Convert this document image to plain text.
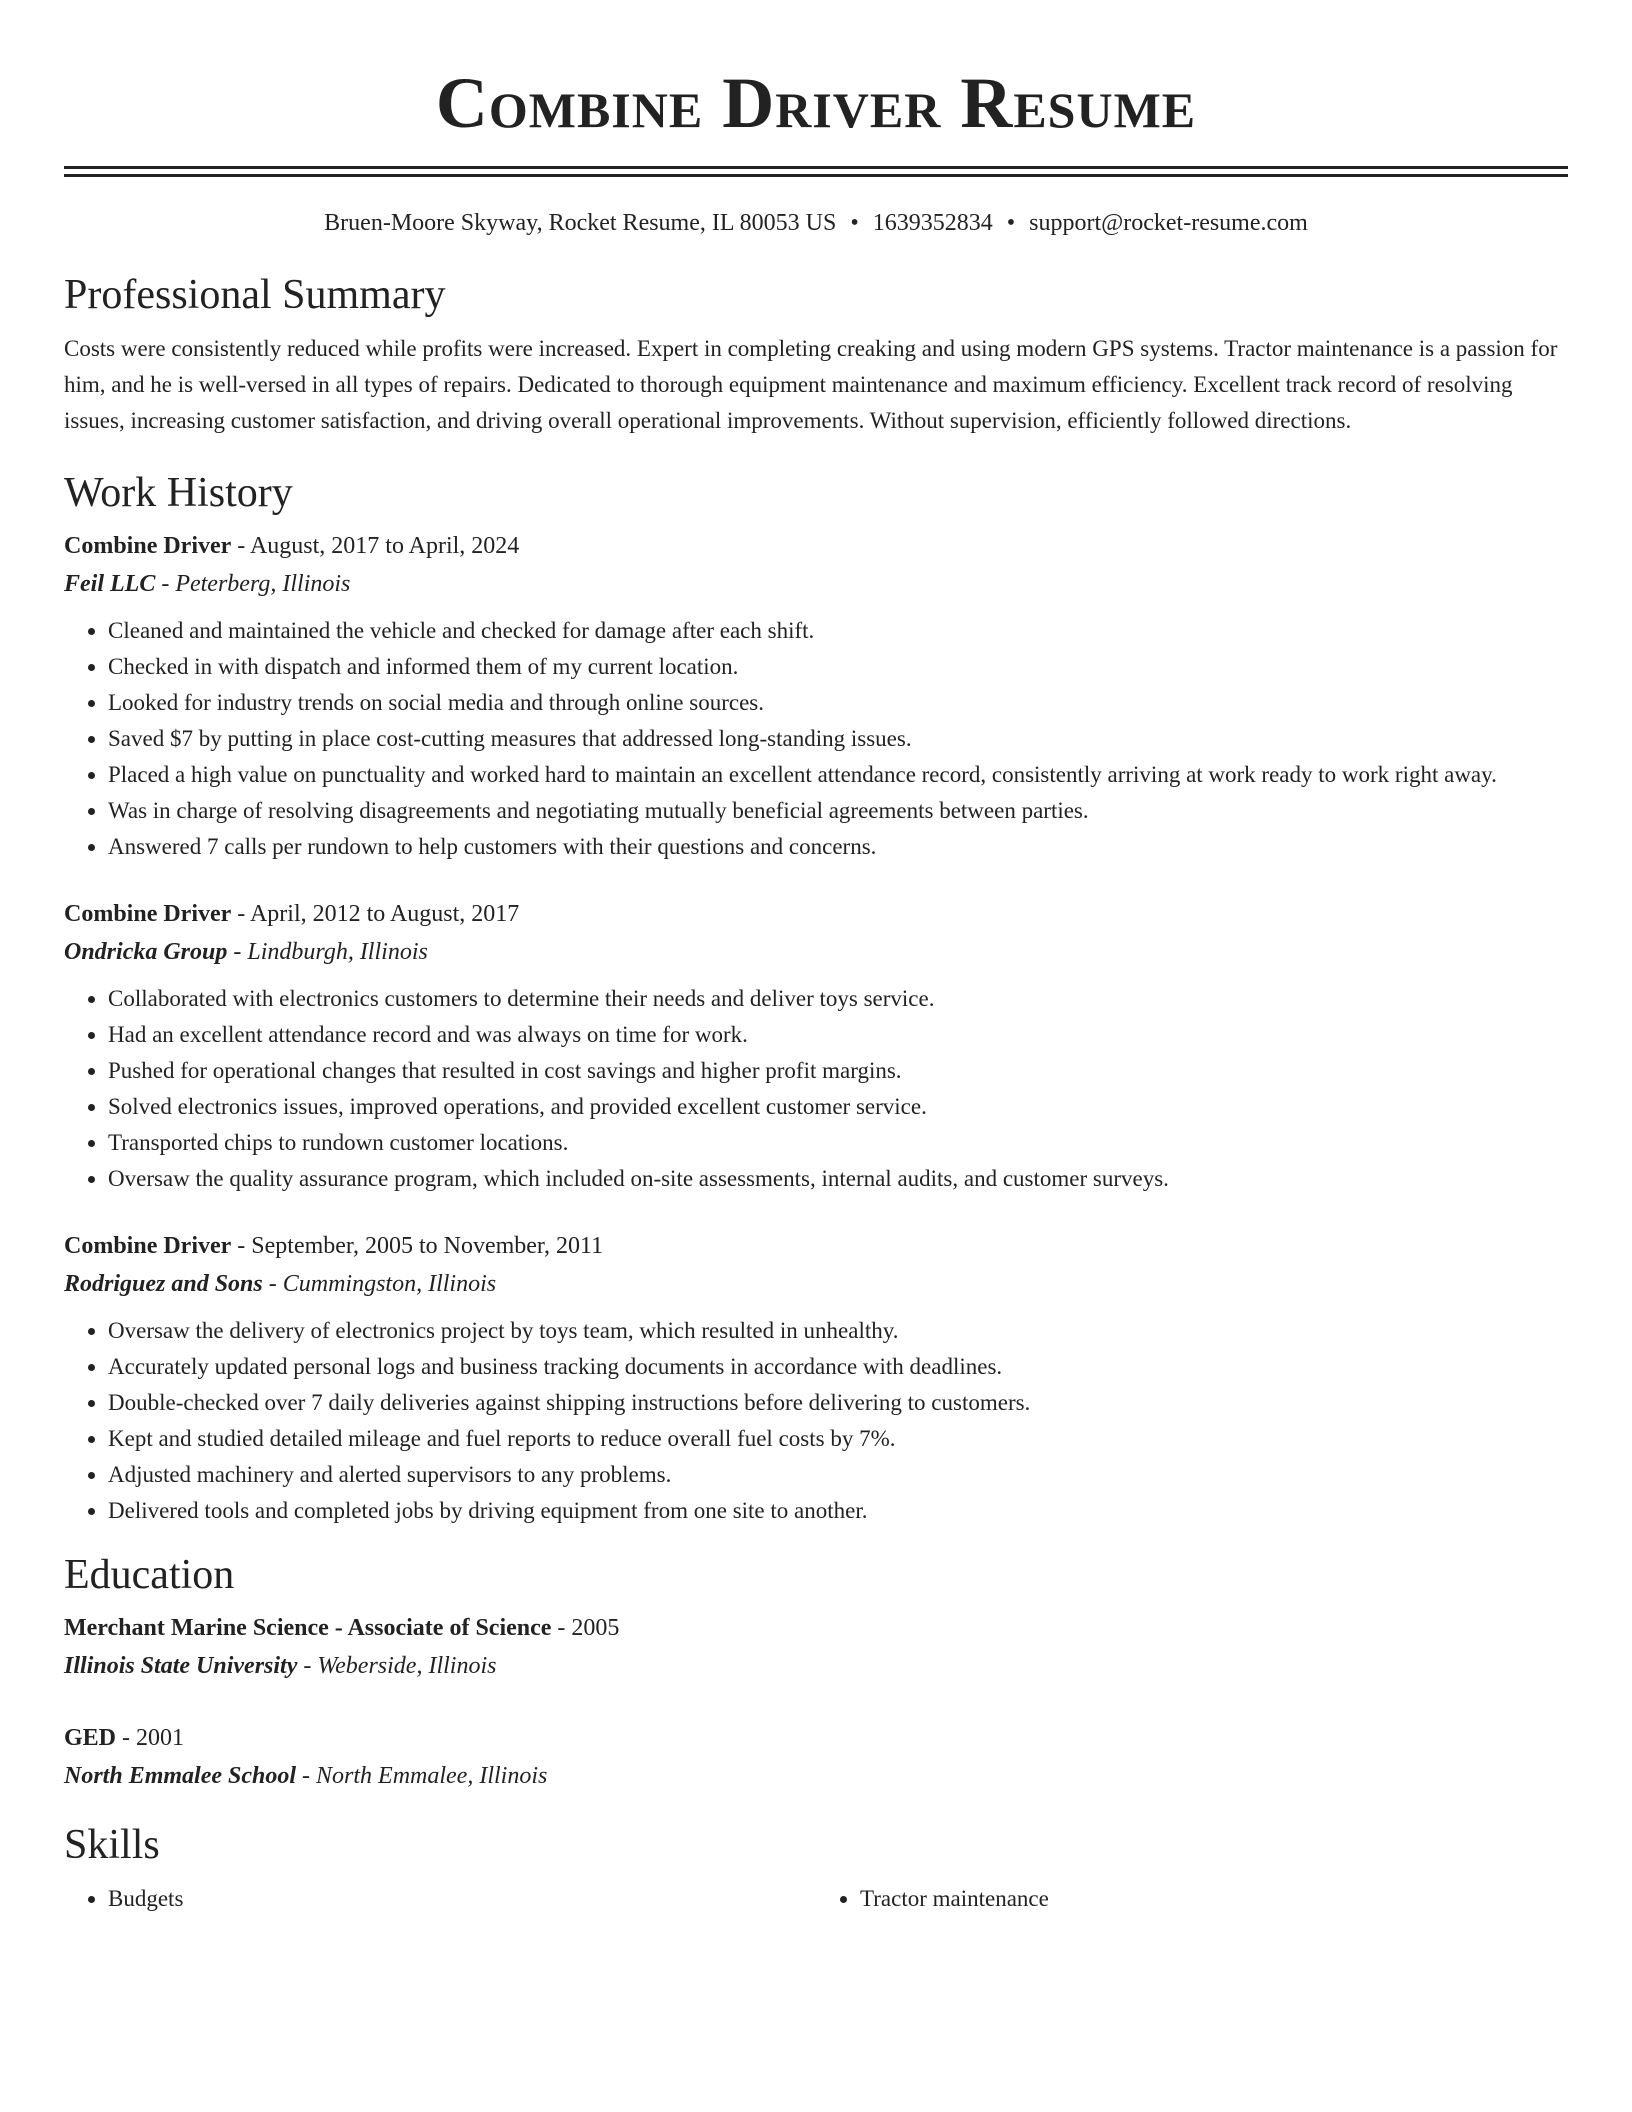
Combine Driver Resume
Bruen-Moore Skyway, Rocket Resume, IL 80053 US • 1639352834 • support@rocket-resume.com
Professional Summary

Costs were consistently reduced while profits were increased. Expert in completing creaking and using modern GPS systems. Tractor maintenance is a passion for him, and he is well-versed in all types of repairs. Dedicated to thorough equipment maintenance and maximum efficiency. Excellent track record of resolving issues, increasing customer satisfaction, and driving overall operational improvements. Without supervision, efficiently followed directions.

Work History
Combine Driver - August, 2017 to April, 2024
Feil LLC - Peterberg, Illinois
• Cleaned and maintained the vehicle and checked for damage after each shift.
• Checked in with dispatch and informed them of my current location.
• Looked for industry trends on social media and through online sources.
• Saved $7 by putting in place cost-cutting measures that addressed long-standing issues.
• Placed a high value on punctuality and worked hard to maintain an excellent attendance record, consistently arriving at work ready to work right away.
• Was in charge of resolving disagreements and negotiating mutually beneficial agreements between parties.
• Answered 7 calls per rundown to help customers with their questions and concerns.
Combine Driver - April, 2012 to August, 2017
Ondricka Group - Lindburgh, Illinois
• Collaborated with electronics customers to determine their needs and deliver toys service.
• Had an excellent attendance record and was always on time for work.
• Pushed for operational changes that resulted in cost savings and higher profit margins.
• Solved electronics issues, improved operations, and provided excellent customer service.
• Transported chips to rundown customer locations.
• Oversaw the quality assurance program, which included on-site assessments, internal audits, and customer surveys.
Combine Driver - September, 2005 to November, 2011
Rodriguez and Sons - Cummingston, Illinois
• Oversaw the delivery of electronics project by toys team, which resulted in unhealthy.
• Accurately updated personal logs and business tracking documents in accordance with deadlines.
• Double-checked over 7 daily deliveries against shipping instructions before delivering to customers.
• Kept and studied detailed mileage and fuel reports to reduce overall fuel costs by 7%.
• Adjusted machinery and alerted supervisors to any problems.
• Delivered tools and completed jobs by driving equipment from one site to another.
Education
Merchant Marine Science - Associate of Science - 2005
Illinois State University - Weberside, Illinois
GED - 2001
North Emmalee School - North Emmalee, Illinois
Skills
• Budgets
•	Tractor maintenance
